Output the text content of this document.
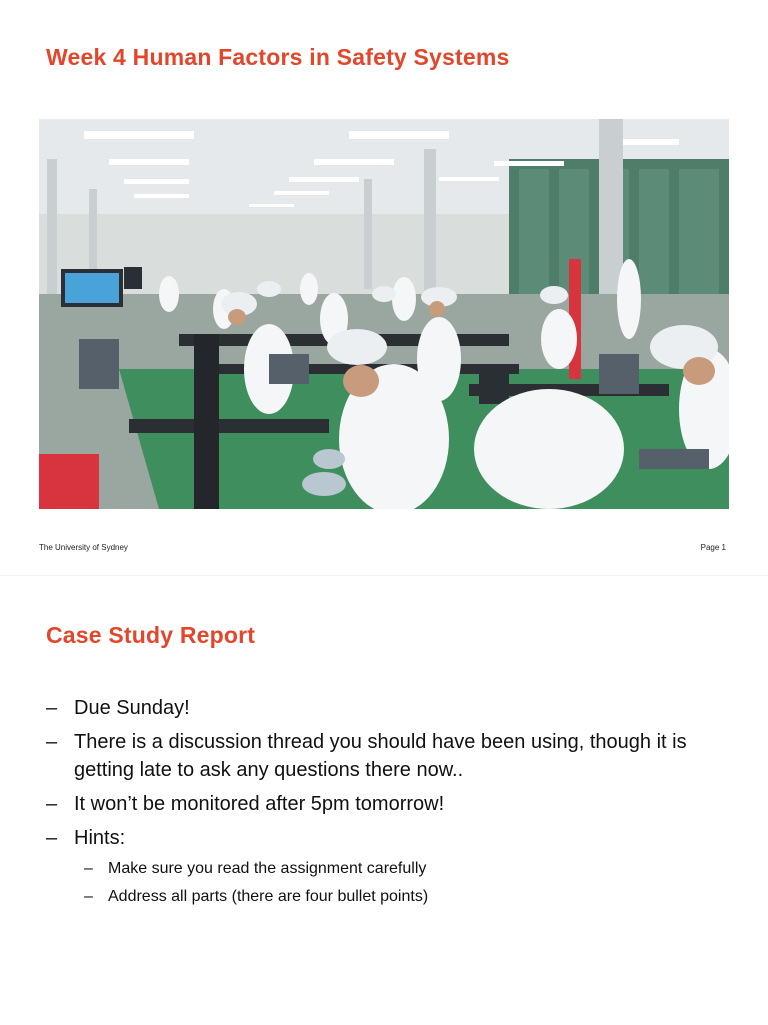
Week 4 Human Factors in Safety Systems
The University of Sydney	Page 1
Case Study Report
– Due Sunday!
– There is a discussion thread you should have been using, though it is getting late to ask any questions there now..
– It won’t be monitored after 5pm tomorrow!
– Hints:
– Make sure you read the assignment carefully
– Address all parts (there are four bullet points)
